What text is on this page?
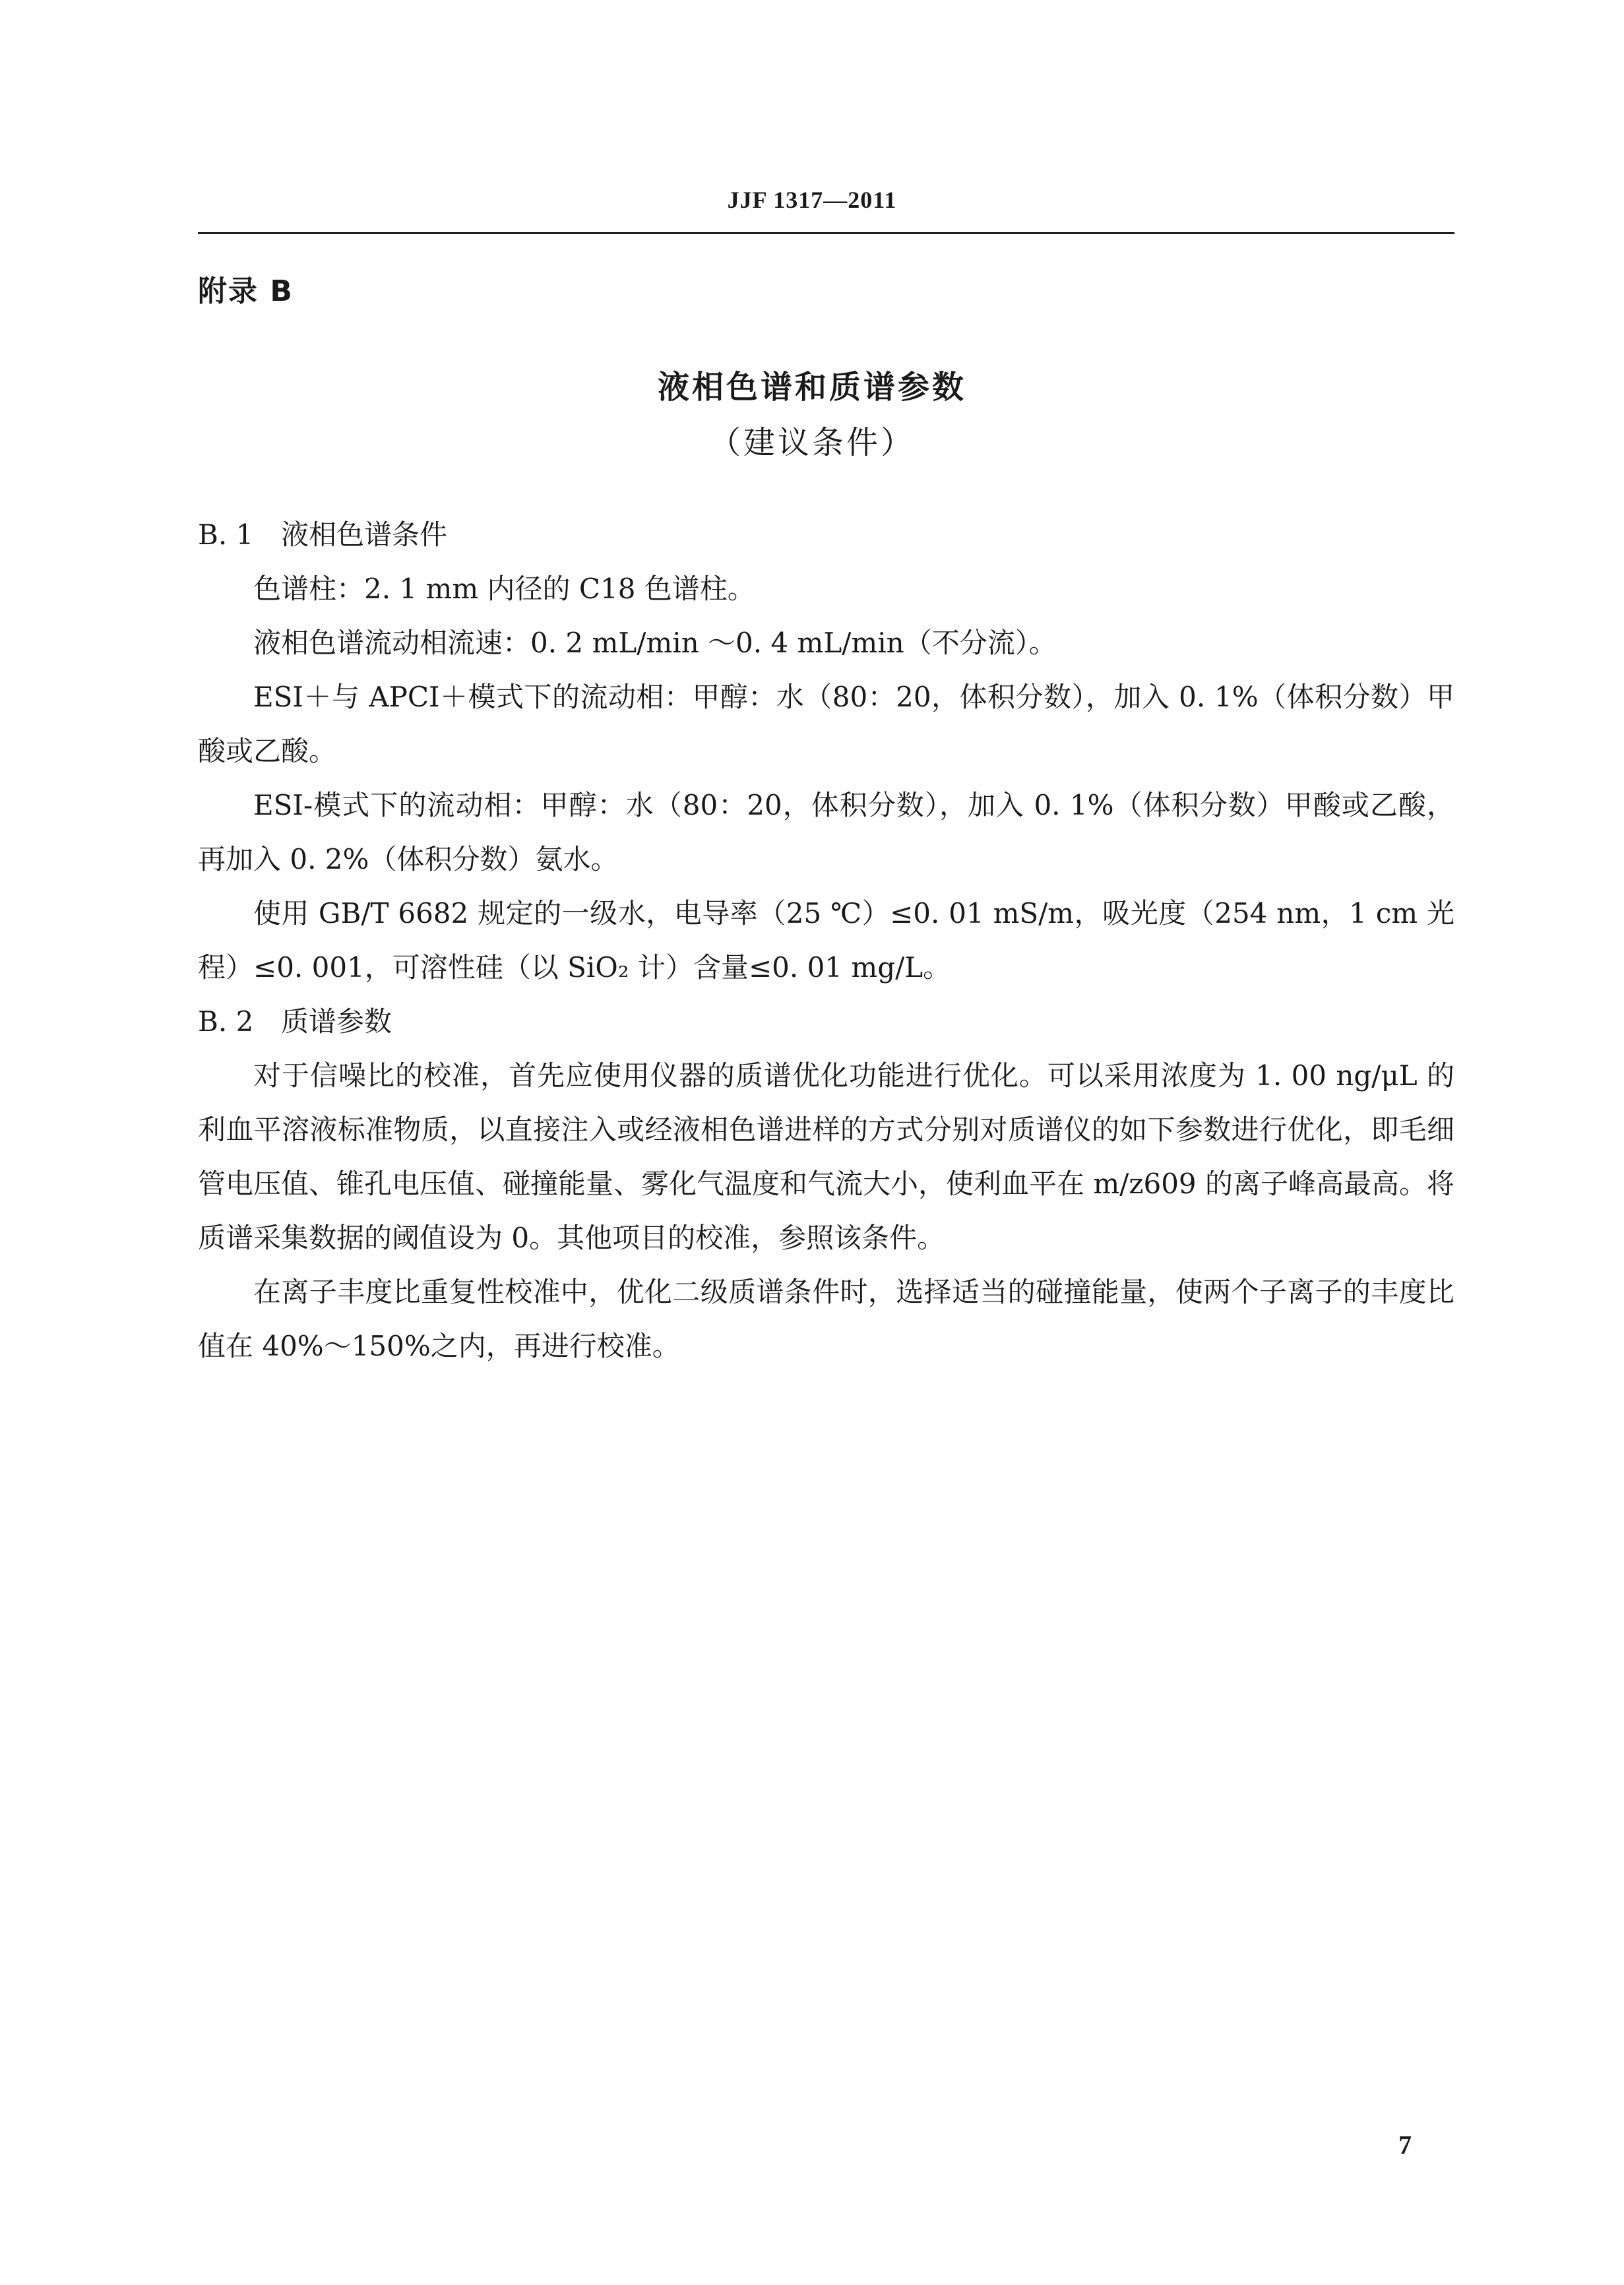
JJF 1317—2011
附录 B
液相色谱和质谱参数
（建议条件）

B. 1 液相色谱条件

色谱柱：2. 1 mm 内径的 C18 色谱柱。

液相色谱流动相流速：0. 2 mL/min ～0. 4 mL/min（不分流）。

ESI＋与 APCI＋模式下的流动相：甲醇：水（80：20，体积分数），加入 0. 1%（体积分数）甲酸或乙酸。

ESI-模式下的流动相：甲醇：水（80：20，体积分数），加入 0. 1%（体积分数）甲酸或乙酸，再加入 0. 2%（体积分数）氨水。

使用 GB/T 6682 规定的一级水，电导率（25 ℃）≤0. 01 mS/m，吸光度（254 nm，1 cm 光程）≤0. 001，可溶性硅（以 SiO₂ 计）含量≤0. 01 mg/L。

B. 2 质谱参数

对于信噪比的校准，首先应使用仪器的质谱优化功能进行优化。可以采用浓度为 1. 00 ng/μL 的利血平溶液标准物质，以直接注入或经液相色谱进样的方式分别对质谱仪的如下参数进行优化，即毛细管电压值、锥孔电压值、碰撞能量、雾化气温度和气流大小，使利血平在 m/z609 的离子峰高最高。将质谱采集数据的阈值设为 0。其他项目的校准，参照该条件。

在离子丰度比重复性校准中，优化二级质谱条件时，选择适当的碰撞能量，使两个子离子的丰度比值在 40%～150%之内，再进行校准。

7
